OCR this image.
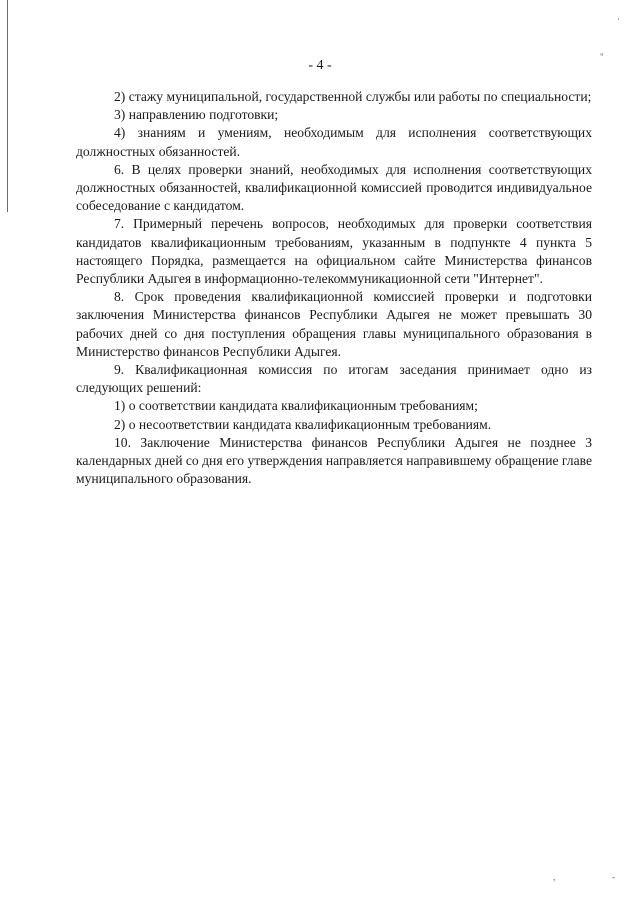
·
"
,	-
- 4 -

2) стажу муниципальной, государственной службы или работы по специальности;

3) направлению подготовки;

4) знаниям и умениям, необходимым для исполнения соответствующих должностных обязанностей.

6. В целях проверки знаний, необходимых для исполнения соответствующих должностных обязанностей, квалификационной комиссией проводится индивидуальное собеседование с кандидатом.

7. Примерный перечень вопросов, необходимых для проверки соответствия кандидатов квалификационным требованиям, указанным в подпункте 4 пункта 5 настоящего Порядка, размещается на официальном сайте Министерства финансов Республики Адыгея в информационно-телекоммуникационной сети "Интернет".

8. Срок проведения квалификационной комиссией проверки и подготовки заключения Министерства финансов Республики Адыгея не может превышать 30 рабочих дней со дня поступления обращения главы муниципального образования в Министерство финансов Республики Адыгея.

9. Квалификационная комиссия по итогам заседания принимает одно из следующих решений:

1) о соответствии кандидата квалификационным требованиям;

2) о несоответствии кандидата квалификационным требованиям.

10. Заключение Министерства финансов Республики Адыгея не позднее 3 календарных дней со дня его утверждения направляется направившему обращение главе муниципального образования.
